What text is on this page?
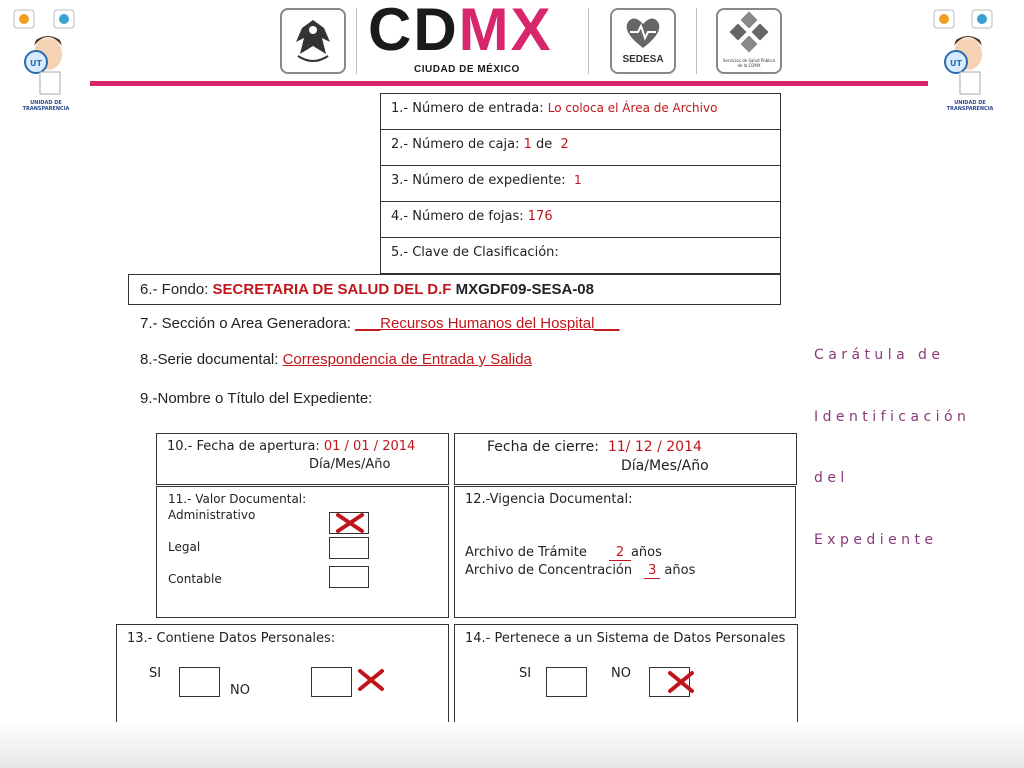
UT
UNIDAD DE TRANSPARENCIA
UT
UNIDAD DE TRANSPARENCIA
CDMX
CIUDAD DE MÉXICO
SEDESA	Servicios de Salud Pública de la CDMX
1.- Número de entrada: Lo coloca el Área de Archivo
2.- Número de caja: 1 de 2
3.- Número de expediente: 1
4.- Número de fojas: 176
5.- Clave de Clasificación:
6.- Fondo: SECRETARIA DE SALUD DEL D.F MXGDF09-SESA-08
7.- Sección o Area Generadora: ___Recursos Humanos del Hospital___
8.-Serie documental: Correspondencia de Entrada y Salida
9.-Nombre o Título del Expediente:

C a r á t u l a   d e

I d e n t i f i c a c i ó n

d e l

E x p e d i e n t e

10.- Fecha de apertura: 01 / 01 / 2014
Día/Mes/Año
Fecha de cierre: 11/ 12 / 2014
Día/Mes/Año
11.- Valor Documental:
Administrativo
Legal
Contable
12.-Vigencia Documental:
Archivo de Trámite 2 años
Archivo de Concentración 3 años
13.- Contiene Datos Personales:
SI
NO
14.- Pertenece a un Sistema de Datos Personales
SI	NO
